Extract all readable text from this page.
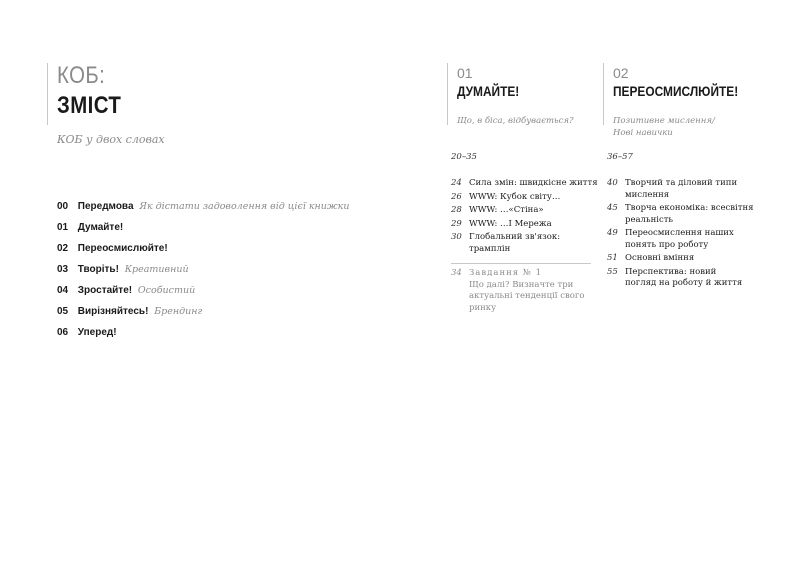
КОБ:
ЗМІСТ
КОБ у двох словах
00 Передмова Як дістати задоволення від цієї книжки
01 Думайте!
02 Переосмислюйте!
03 Творіть! Креативний
04 Зростайте! Особистий
05 Вирізняйтесь! Брендинг
06 Уперед!
01
ДУМАЙТЕ!
Що, в біса, відбувається?
20–35
24 Сила змін: швидкісне життя
26 WWW: Кубок світу…
28 WWW: …«Стіна»
29 WWW: …І Мережа
30 Глобальний зв'язок: трамплін
34 Завдання № 1
Що далі? Визначте три актуальні тенденції свого ринку
02
ПЕРЕОСМИСЛЮЙТЕ!
Позитивне мислення/ Нові навички
36–57
40 Творчий та діловий типи мислення
45 Творча економіка: всесвітня реальність
49 Переосмислення наших понять про роботу
51 Основні вміння
55 Перспектива: новий погляд на роботу й життя
